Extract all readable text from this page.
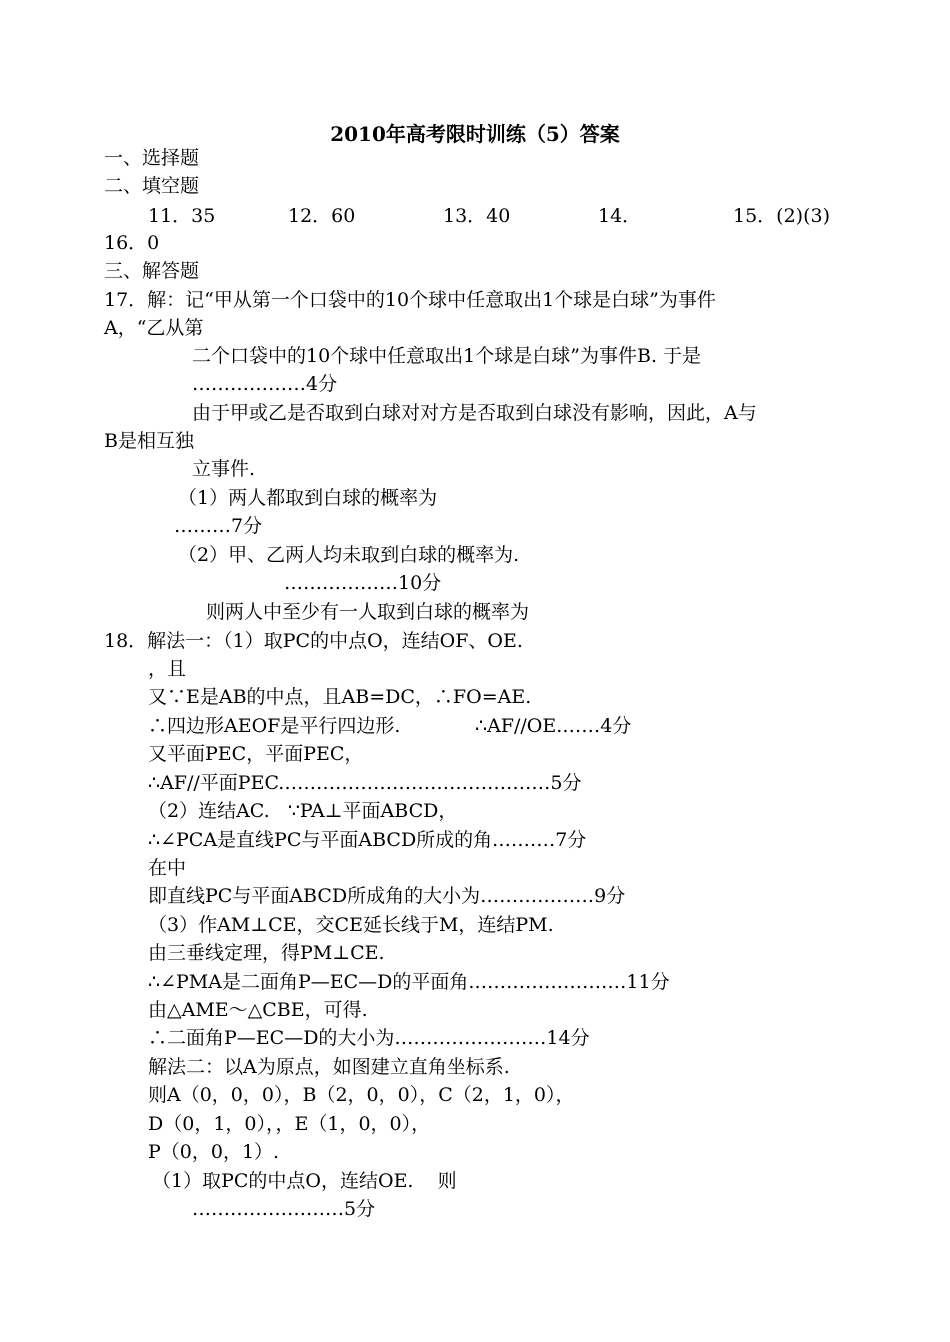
2010年高考限时训练（5）答案
一、选择题
二、填空题
11．35	12．60	13．40	14．	15．(2)(3)
16．0
三、解答题
17．解：记“甲从第一个口袋中的10个球中任意取出1个球是白球”为事件
A，“乙从第
二个口袋中的10个球中任意取出1个球是白球”为事件B. 于是
………………4分
由于甲或乙是否取到白球对对方是否取到白球没有影响，因此，A与
B是相互独
立事件.
（1）两人都取到白球的概率为
………7分
（2）甲、乙两人均未取到白球的概率为.
………………10分
则两人中至少有一人取到白球的概率为
18．解法一：（1）取PC的中点O，连结OF、OE.
，且
又∵E是AB的中点，且AB=DC，∴FO=AE.
∴四边形AEOF是平行四边形.	∴AF//OE.……4分
又平面PEC，平面PEC，
∴AF//平面PEC.……………………………………5分
（2）连结AC.   ∵PA⊥平面ABCD，
∴∠PCA是直线PC与平面ABCD所成的角.………7分
在中
即直线PC与平面ABCD所成角的大小为………………9分
（3）作AM⊥CE，交CE延长线于M，连结PM.
由三垂线定理，得PM⊥CE.
∴∠PMA是二面角P—EC—D的平面角.……………………11分
由△AME～△CBE，可得.
∴二面角P—EC—D的大小为……………………14分
解法二：以A为原点，如图建立直角坐标系.
则A（0，0，0），B（2，0，0），C（2，1，0），
D（0，1，0），，E（1，0，0），
P（0，0，1）.
（1）取PC的中点O，连结OE.    则
……………………5分
